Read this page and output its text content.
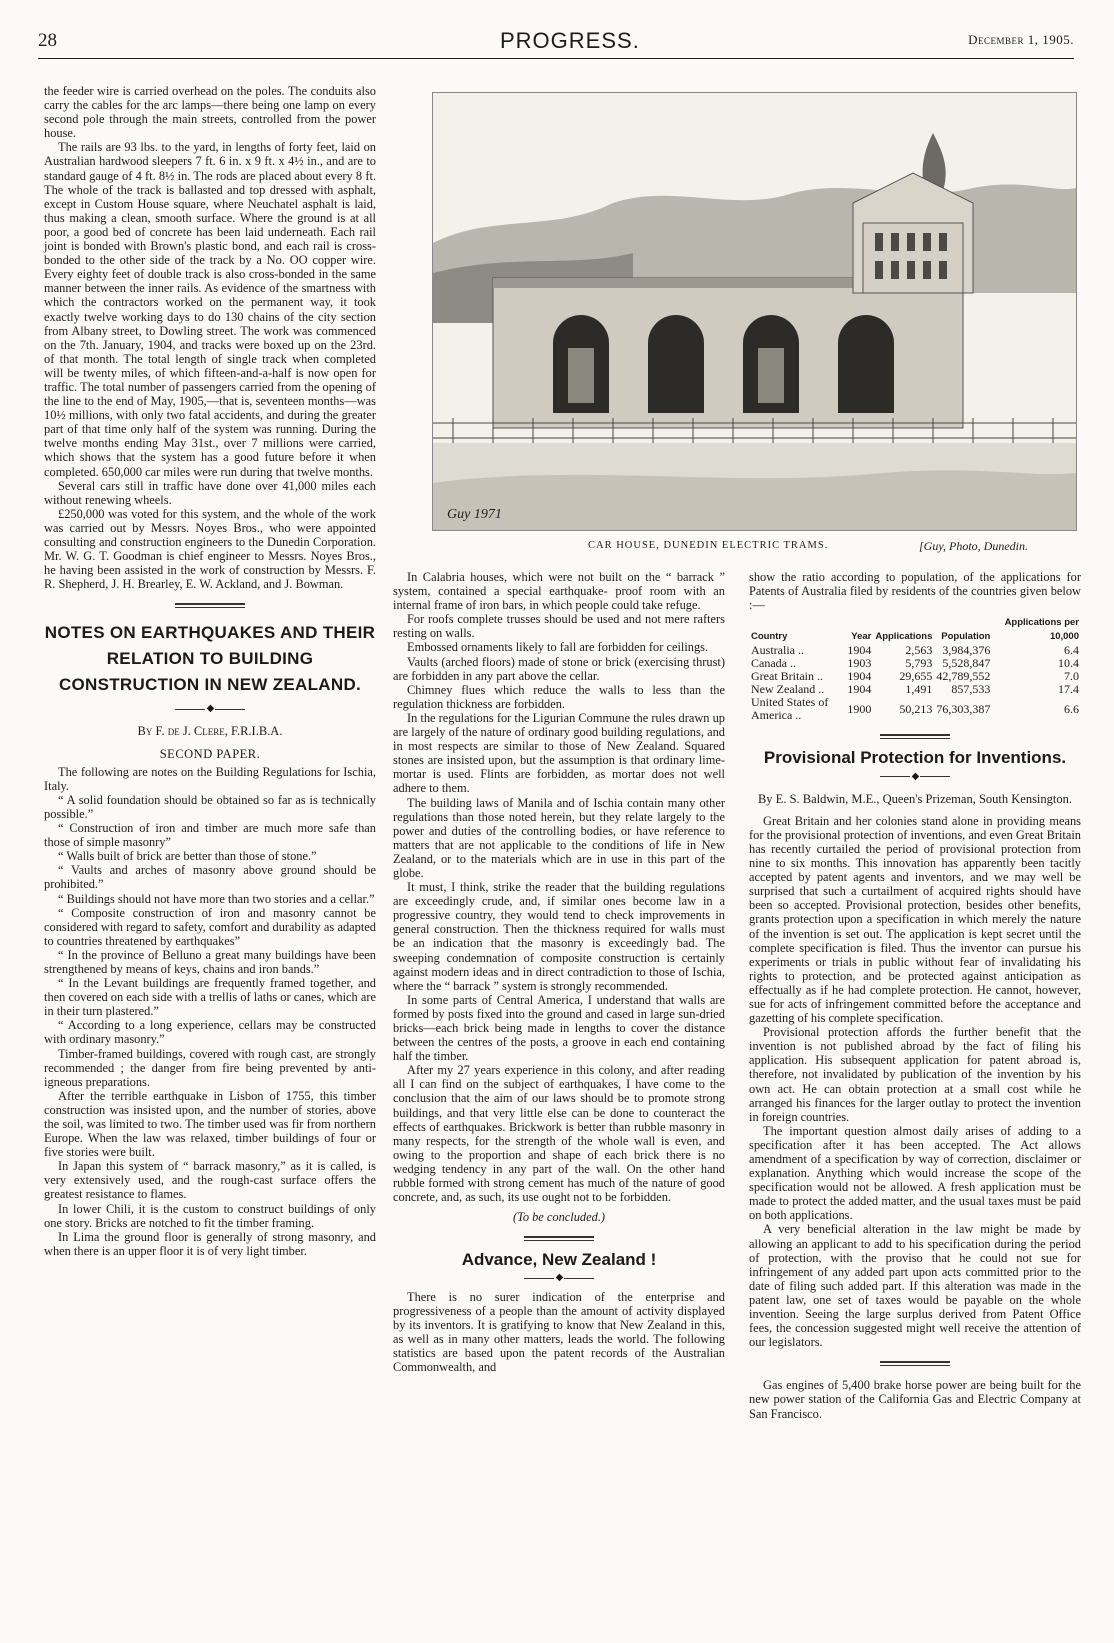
28	PROGRESS.	December 1, 1905.

the feeder wire is carried overhead on the poles. The conduits also carry the cables for the arc lamps—there being one lamp on every second pole through the main streets, controlled from the power house.

The rails are 93 lbs. to the yard, in lengths of forty feet, laid on Australian hardwood sleepers 7 ft. 6 in. x 9 ft. x 4½ in., and are to standard gauge of 4 ft. 8½ in. The rods are placed about every 8 ft. The whole of the track is ballasted and top dressed with asphalt, except in Custom House square, where Neuchatel asphalt is laid, thus making a clean, smooth surface. Where the ground is at all poor, a good bed of concrete has been laid underneath. Each rail joint is bonded with Brown's plastic bond, and each rail is cross-bonded to the other side of the track by a No. OO copper wire. Every eighty feet of double track is also cross-bonded in the same manner between the inner rails. As evidence of the smartness with which the contractors worked on the permanent way, it took exactly twelve working days to do 130 chains of the city section from Albany street, to Dowling street. The work was commenced on the 7th. January, 1904, and tracks were boxed up on the 23rd. of that month. The total length of single track when completed will be twenty miles, of which fifteen-and-a-half is now open for traffic. The total number of passengers carried from the opening of the line to the end of May, 1905,—that is, seventeen months—was 10½ millions, with only two fatal accidents, and during the greater part of that time only half of the system was running. During the twelve months ending May 31st., over 7 millions were carried, which shows that the system has a good future before it when completed. 650,000 car miles were run during that twelve months.

Several cars still in traffic have done over 41,000 miles each without renewing wheels.

£250,000 was voted for this system, and the whole of the work was carried out by Messrs. Noyes Bros., who were appointed consulting and construction engineers to the Dunedin Corporation. Mr. W. G. T. Goodman is chief engineer to Messrs. Noyes Bros., he having been assisted in the work of construction by Messrs. F. R. Shepherd, J. H. Brearley, E. W. Ackland, and J. Bowman.

NOTES ON EARTHQUAKES AND THEIR RELATION TO BUILDING CONSTRUCTION IN NEW ZEALAND.
◆
By F. de J. Clere, F.R.I.B.A.
SECOND PAPER.

The following are notes on the Building Regulations for Ischia, Italy.

“ A solid foundation should be obtained so far as is technically possible.”

“ Construction of iron and timber are much more safe than those of simple masonry”

“ Walls built of brick are better than those of stone.”

“ Vaults and arches of masonry above ground should be prohibited.”

“ Buildings should not have more than two stories and a cellar.”

“ Composite construction of iron and masonry cannot be considered with regard to safety, comfort and durability as adapted to countries threatened by earthquakes”

“ In the province of Belluno a great many buildings have been strengthened by means of keys, chains and iron bands.”

“ In the Levant buildings are frequently framed together, and then covered on each side with a trellis of laths or canes, which are in their turn plastered.”

“ According to a long experience, cellars may be constructed with ordinary masonry.”

Timber-framed buildings, covered with rough cast, are strongly recommended ; the danger from fire being prevented by anti-igneous preparations.

After the terrible earthquake in Lisbon of 1755, this timber construction was insisted upon, and the number of stories, above the soil, was limited to two. The timber used was fir from northern Europe. When the law was relaxed, timber buildings of four or five stories were built.

In Japan this system of “ barrack masonry,” as it is called, is very extensively used, and the rough-cast surface offers the greatest resistance to flames.

In lower Chili, it is the custom to construct buildings of only one story. Bricks are notched to fit the timber framing.

In Lima the ground floor is generally of strong masonry, and when there is an upper floor it is of very light timber.

Guy 1971
CAR HOUSE, DUNEDIN ELECTRIC TRAMS.	[Guy, Photo, Dunedin.

In Calabria houses, which were not built on the “ barrack ” system, contained a special earthquake- proof room with an internal frame of iron bars, in which people could take refuge.

For roofs complete trusses should be used and not mere rafters resting on walls.

Embossed ornaments likely to fall are forbidden for ceilings.

Vaults (arched floors) made of stone or brick (exercising thrust) are forbidden in any part above the cellar.

Chimney flues which reduce the walls to less than the regulation thickness are forbidden.

In the regulations for the Ligurian Commune the rules drawn up are largely of the nature of ordinary good building regulations, and in most respects are similar to those of New Zealand. Squared stones are insisted upon, but the assumption is that ordinary lime-mortar is used. Flints are forbidden, as mortar does not well adhere to them.

The building laws of Manila and of Ischia contain many other regulations than those noted herein, but they relate largely to the power and duties of the controlling bodies, or have reference to matters that are not applicable to the conditions of life in New Zealand, or to the materials which are in use in this part of the globe.

It must, I think, strike the reader that the building regulations are exceedingly crude, and, if similar ones become law in a progressive country, they would tend to check improvements in general construction. Then the thickness required for walls must be an indication that the masonry is exceedingly bad. The sweeping condemnation of composite construction is certainly against modern ideas and in direct contradiction to those of Ischia, where the “ barrack ” system is strongly recommended.

In some parts of Central America, I understand that walls are formed by posts fixed into the ground and cased in large sun-dried bricks—each brick being made in lengths to cover the distance between the centres of the posts, a groove in each end containing half the timber.

After my 27 years experience in this colony, and after reading all I can find on the subject of earthquakes, I have come to the conclusion that the aim of our laws should be to promote strong buildings, and that very little else can be done to counteract the effects of earthquakes. Brickwork is better than rubble masonry in many respects, for the strength of the whole wall is even, and owing to the proportion and shape of each brick there is no wedging tendency in any part of the wall. On the other hand rubble formed with strong cement has much of the nature of good concrete, and, as such, its use ought not to be forbidden.

(To be concluded.)
Advance, New Zealand !
◆

There is no surer indication of the enterprise and progressiveness of a people than the amount of activity displayed by its inventors. It is gratifying to know that New Zealand in this, as well as in many other matters, leads the world. The following statistics are based upon the patent records of the Australian Commonwealth, and

show the ratio according to population, of the applications for Patents of Australia filed by residents of the countries given below :—

Country	Year	Applications	Population	Applications per 10,000
Australia ..	1904	2,563	3,984,376	6.4
Canada ..	1903	5,793	5,528,847	10.4
Great Britain ..	1904	29,655	42,789,552	7.0
New Zealand ..	1904	1,491	857,533	17.4
United States of America ..	1900	50,213	76,303,387	6.6
Provisional Protection for Inventions.
◆
By E. S. Baldwin, M.E., Queen's Prizeman, South Kensington.

Great Britain and her colonies stand alone in providing means for the provisional protection of inventions, and even Great Britain has recently curtailed the period of provisional protection from nine to six months. This innovation has apparently been tacitly accepted by patent agents and inventors, and we may well be surprised that such a curtailment of acquired rights should have been so accepted. Provisional protection, besides other benefits, grants protection upon a specification in which merely the nature of the invention is set out. The application is kept secret until the complete specification is filed. Thus the inventor can pursue his experiments or trials in public without fear of invalidating his rights to protection, and be protected against anticipation as effectually as if he had complete protection. He cannot, however, sue for acts of infringement committed before the acceptance and gazetting of his complete specification.

Provisional protection affords the further benefit that the invention is not published abroad by the fact of filing his application. His subsequent application for patent abroad is, therefore, not invalidated by publication of the invention by his own act. He can obtain protection at a small cost while he arranged his finances for the larger outlay to protect the invention in foreign countries.

The important question almost daily arises of adding to a specification after it has been accepted. The Act allows amendment of a specification by way of correction, disclaimer or explanation. Anything which would increase the scope of the specification would not be allowed. A fresh application must be made to protect the added matter, and the usual taxes must be paid on both applications.

A very beneficial alteration in the law might be made by allowing an applicant to add to his specification during the period of protection, with the proviso that he could not sue for infringement of any added part upon acts committed prior to the date of filing such added part. If this alteration was made in the patent law, one set of taxes would be payable on the whole invention. Seeing the large surplus derived from Patent Office fees, the concession suggested might well receive the attention of our legislators.

Gas engines of 5,400 brake horse power are being built for the new power station of the California Gas and Electric Company at San Francisco.
